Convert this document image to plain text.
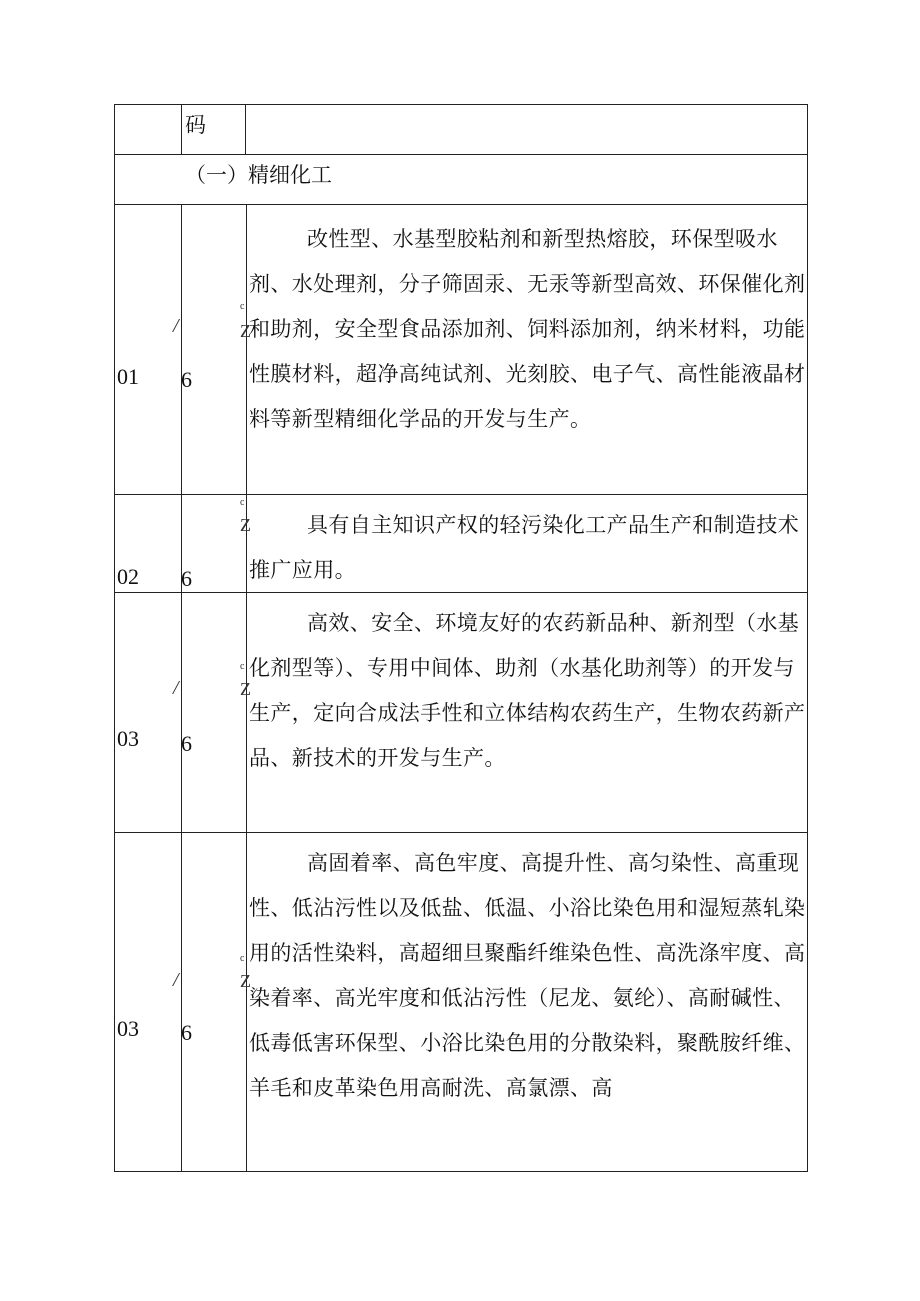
码
（一）精细化工
01 6
/
c
Z
改性型、水基型胶粘剂和新型热熔胶，环保型吸水剂、水处理剂，分子筛固汞、无汞等新型高效、环保催化剂和助剂，安全型食品添加剂、饲料添加剂，纳米材料，功能性膜材料，超净高纯试剂、光刻胶、电子气、高性能液晶材料等新型精细化学品的开发与生产。
02 6
c
Z	具有自主知识产权的轻污染化工产品生产和制造技术推广应用。
03 6
/
c
Z
高效、安全、环境友好的农药新品种、新剂型（水基化剂型等）、专用中间体、助剂（水基化助剂等）的开发与生产，定向合成法手性和立体结构农药生产，生物农药新产品、新技术的开发与生产。
03 6
/
c
Z
高固着率、高色牢度、高提升性、高匀染性、高重现性、低沾污性以及低盐、低温、小浴比染色用和湿短蒸轧染用的活性染料，高超细旦聚酯纤维染色性、高洗涤牢度、高染着率、高光牢度和低沾污性（尼龙、氨纶）、高耐碱性、低毒低害环保型、小浴比染色用的分散染料，聚酰胺纤维、羊毛和皮革染色用高耐洗、高氯漂、高
